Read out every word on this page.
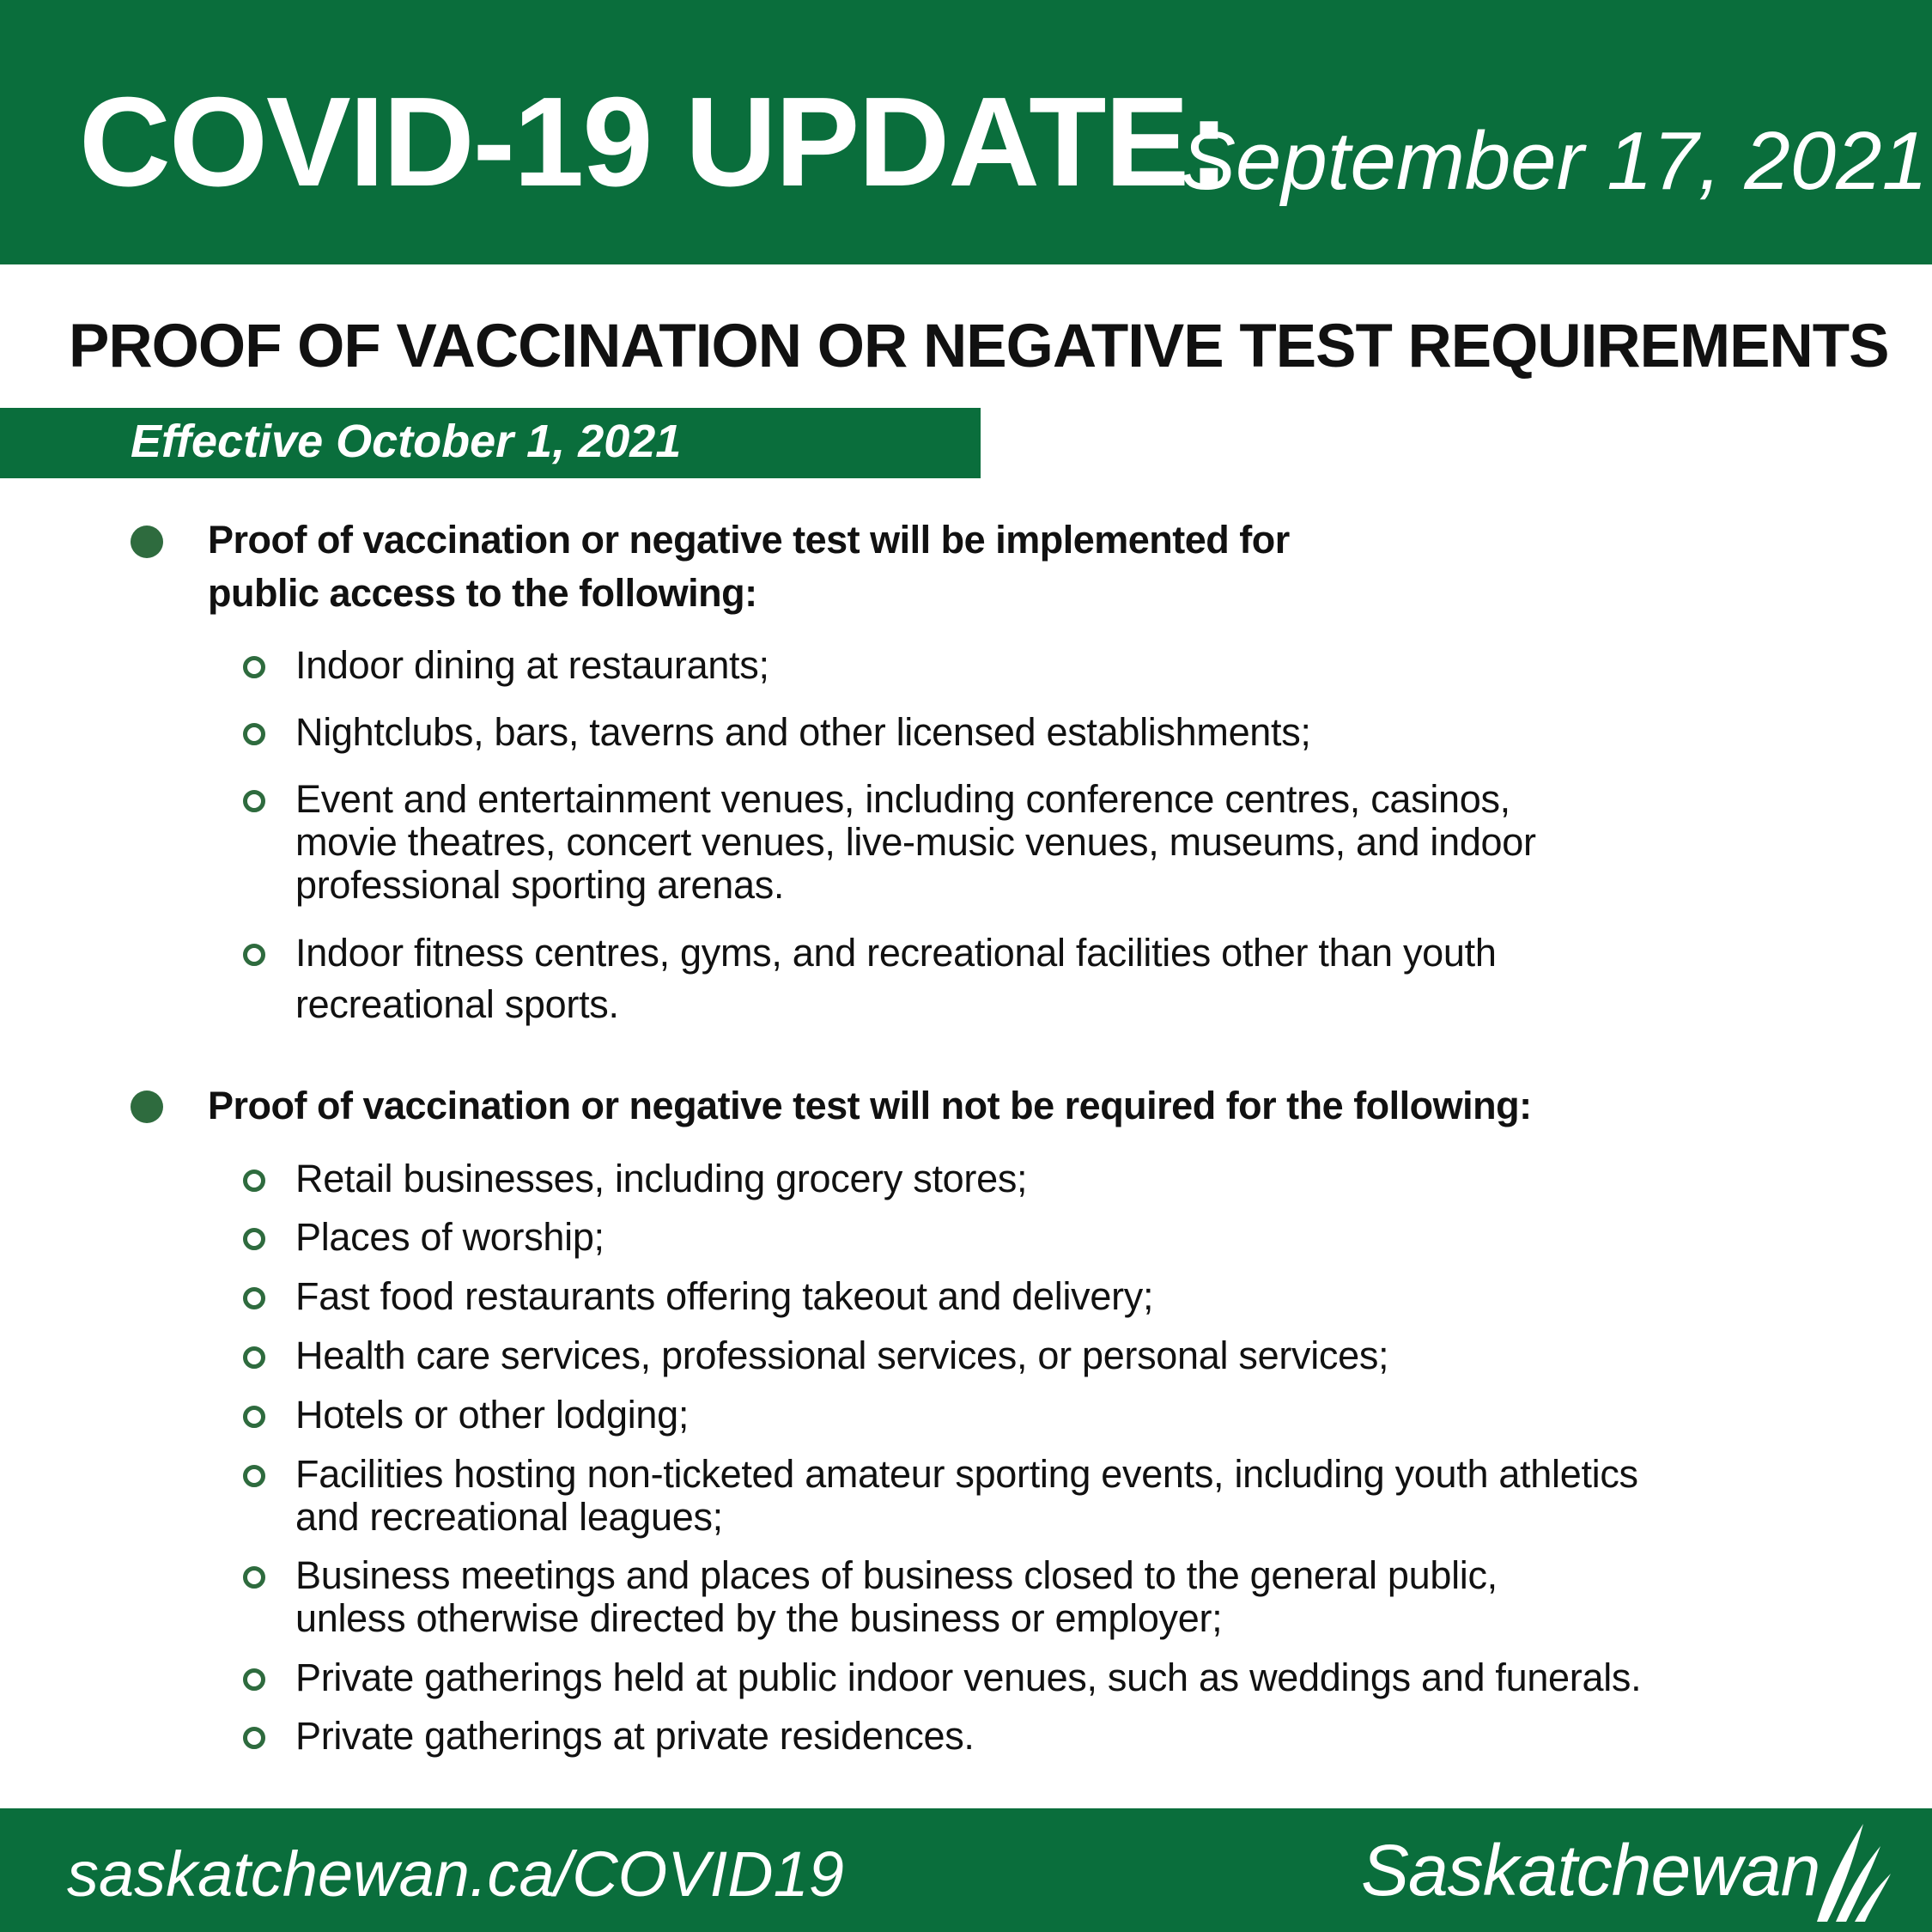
COVID-19 UPDATE:
September 17, 2021
PROOF OF VACCINATION OR NEGATIVE TEST REQUIREMENTS
Effective October 1, 2021
Proof of vaccination or negative test will be implemented for
public access to the following:
Indoor dining at restaurants;
Nightclubs, bars, taverns and other licensed establishments;
Event and entertainment venues, including conference centres, casinos,
movie theatres, concert venues, live-music venues, museums, and indoor
professional sporting arenas.
Indoor fitness centres, gyms, and recreational facilities other than youth
recreational sports.
Proof of vaccination or negative test will not be required for the following:
Retail businesses, including grocery stores;
Places of worship;
Fast food restaurants offering takeout and delivery;
Health care services, professional services, or personal services;
Hotels or other lodging;
Facilities hosting non-ticketed amateur sporting events, including youth athletics
and recreational leagues;
Business meetings and places of business closed to the general public,
unless otherwise directed by the business or employer;
Private gatherings held at public indoor venues, such as weddings and funerals.
Private gatherings at private residences.
saskatchewan.ca/COVID19	Saskatchewan
